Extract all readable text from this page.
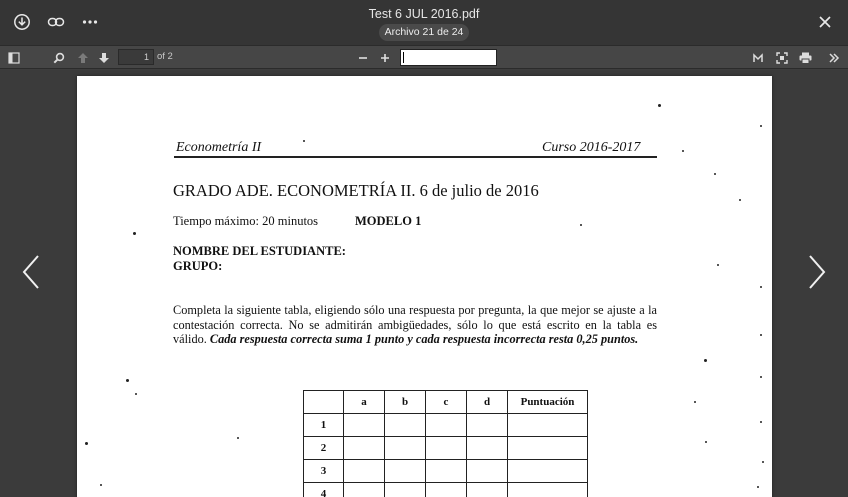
Test 6 JUL 2016.pdf
Archivo 21 de 24
1 of 2
Econometría II	Curso 2016-2017
GRADO ADE. ECONOMETRÍA II. 6 de julio de 2016
Tiempo máximo: 20 minutos	MODELO 1
NOMBRE DEL ESTUDIANTE:
GRUPO:
Completa la siguiente tabla, eligiendo sólo una respuesta por pregunta, la que mejor se ajuste a la contestación correcta. No se admitirán ambigüedades, sólo lo que está escrito en la tabla es válido. Cada respuesta correcta suma 1 punto y cada respuesta incorrecta resta 0,25 puntos.
	a	b	c	d	Puntuación
1					
2					
3					
4					
